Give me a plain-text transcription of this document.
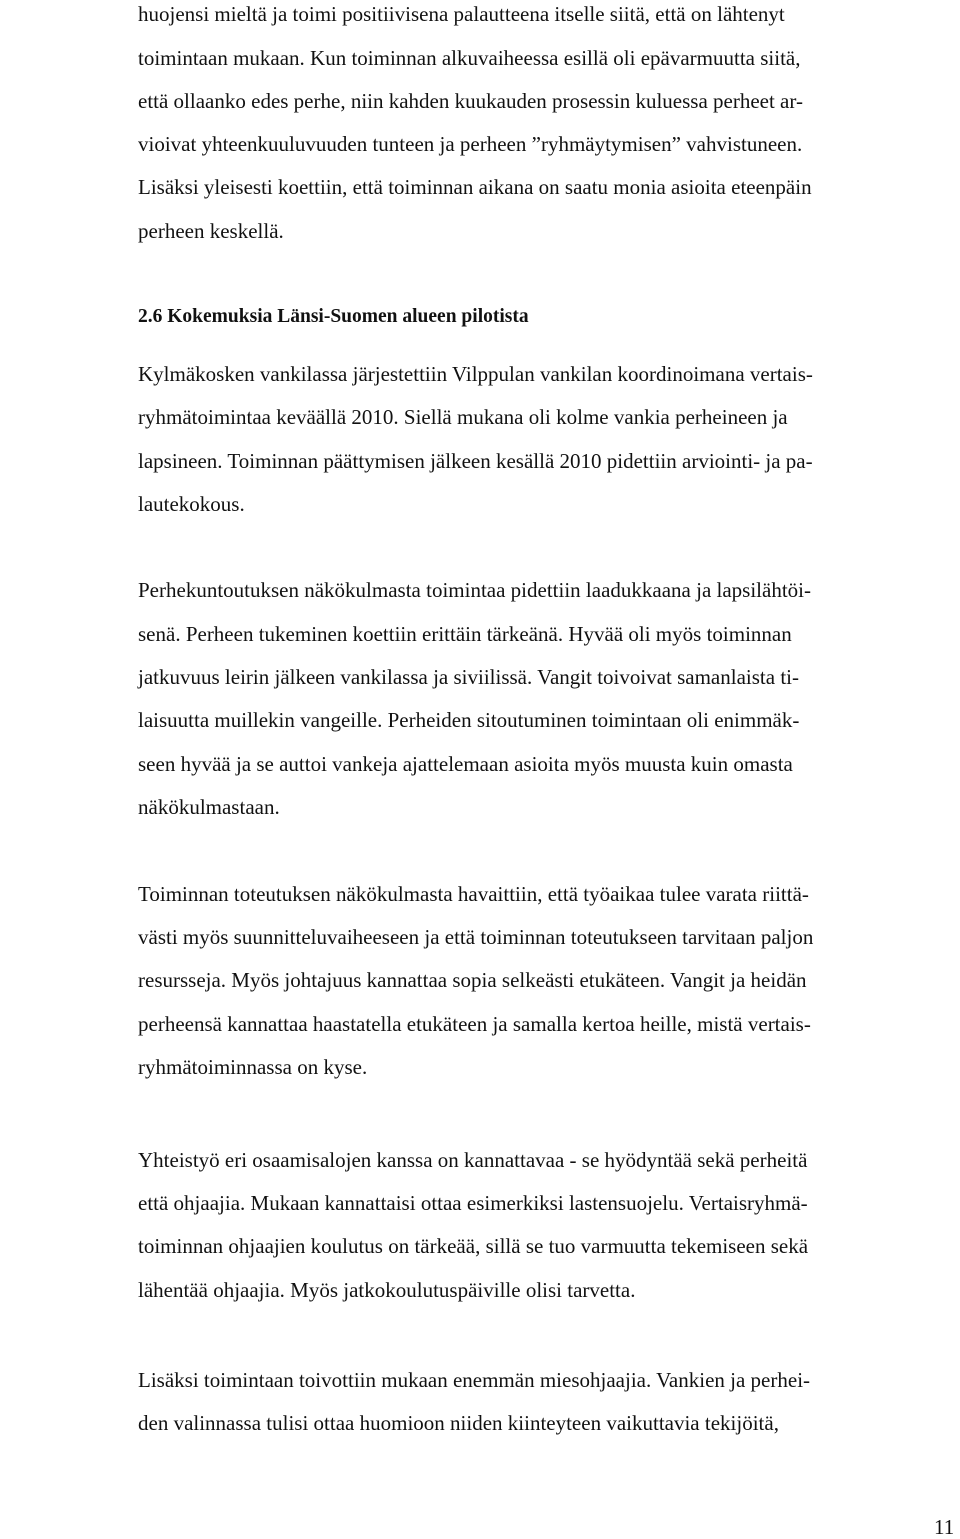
huojensi mieltä ja toimi positiivisena palautteena itselle siitä, että on lähtenyt
toimintaan mukaan. Kun toiminnan alkuvaiheessa esillä oli epävarmuutta siitä,
että ollaanko edes perhe, niin kahden kuukauden prosessin kuluessa perheet ar-
vioivat yhteenkuuluvuuden tunteen ja perheen ”ryhmäytymisen” vahvistuneen.
Lisäksi yleisesti koettiin, että toiminnan aikana on saatu monia asioita eteenpäin
perheen keskellä.
2.6 Kokemuksia Länsi-Suomen alueen pilotista
Kylmäkosken vankilassa järjestettiin Vilppulan vankilan koordinoimana vertais-
ryhmätoimintaa keväällä 2010. Siellä mukana oli kolme vankia perheineen ja
lapsineen. Toiminnan päättymisen jälkeen kesällä 2010 pidettiin arviointi- ja pa-
lautekokous.
Perhekuntoutuksen näkökulmasta toimintaa pidettiin laadukkaana ja lapsilähtöi-
senä. Perheen tukeminen koettiin erittäin tärkeänä. Hyvää oli myös toiminnan
jatkuvuus leirin jälkeen vankilassa ja siviilissä. Vangit toivoivat samanlaista ti-
laisuutta muillekin vangeille. Perheiden sitoutuminen toimintaan oli enimmäk-
seen hyvää ja se auttoi vankeja ajattelemaan asioita myös muusta kuin omasta
näkökulmastaan.
Toiminnan toteutuksen näkökulmasta havaittiin, että työaikaa tulee varata riittä-
västi myös suunnitteluvaiheeseen ja että toiminnan toteutukseen tarvitaan paljon
resursseja. Myös johtajuus kannattaa sopia selkeästi etukäteen. Vangit ja heidän
perheensä kannattaa haastatella etukäteen ja samalla kertoa heille, mistä vertais-
ryhmätoiminnassa on kyse.
Yhteistyö eri osaamisalojen kanssa on kannattavaa - se hyödyntää sekä perheitä
että ohjaajia. Mukaan kannattaisi ottaa esimerkiksi lastensuojelu. Vertaisryhmä-
toiminnan ohjaajien koulutus on tärkeää, sillä se tuo varmuutta tekemiseen sekä
lähentää ohjaajia. Myös jatkokoulutuspäiville olisi tarvetta.
Lisäksi toimintaan toivottiin mukaan enemmän miesohjaajia. Vankien ja perhei-
den valinnassa tulisi ottaa huomioon niiden kiinteyteen vaikuttavia tekijöitä,
11
